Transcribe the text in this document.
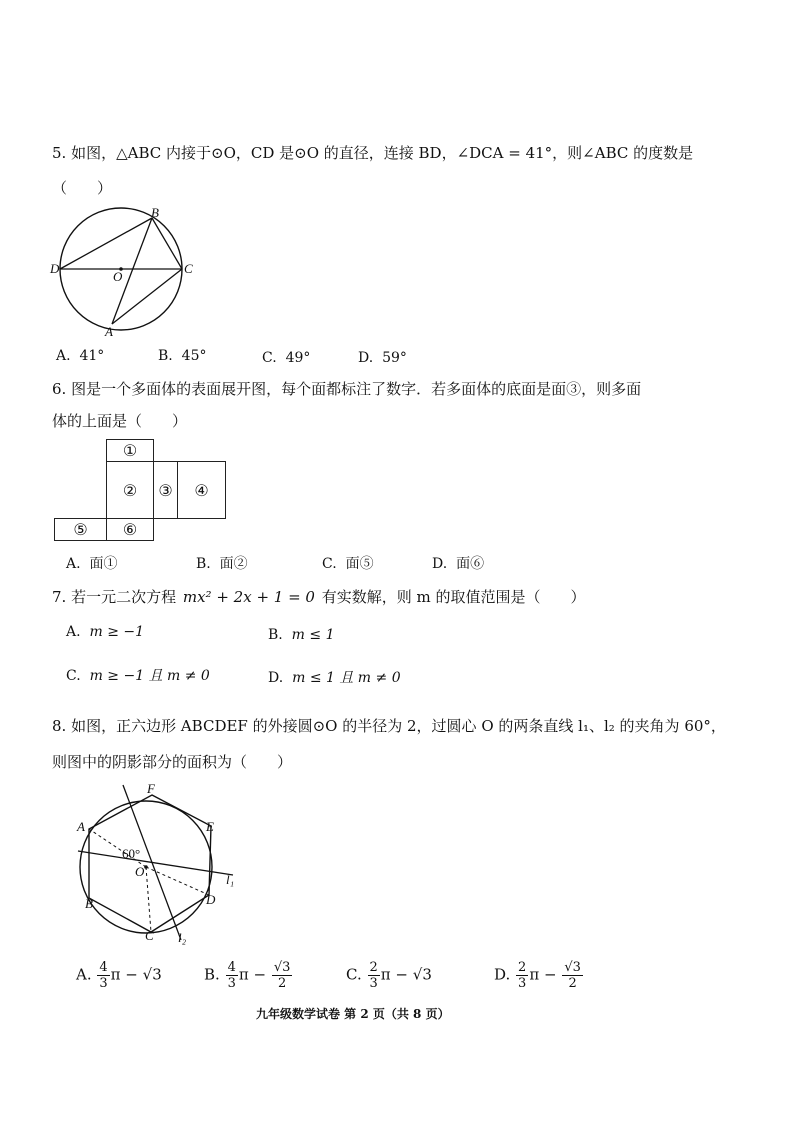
5. 如图，△ABC 内接于⊙O，CD 是⊙O 的直径，连接 BD，∠DCA = 41°，则∠ABC 的度数是
（　　）
B
D
O
C
A
A. 41°	B. 45°	C. 49°	D. 59°
6. 图是一个多面体的表面展开图，每个面都标注了数字．若多面体的底面是面③，则多面
体的上面是（　　）
①
②	③	④
⑤	⑥
A. 面①	B. 面②	C. 面⑤	D. 面⑥
7. 若一元二次方程 mx² + 2x + 1 = 0 有实数解，则 m 的取值范围是（　　）
A. m ≥ −1	B. m ≤ 1
C. m ≥ −1 且 m ≠ 0	D. m ≤ 1 且 m ≠ 0
8. 如图，正六边形 ABCDEF 的外接圆⊙O 的半径为 2，过圆心 O 的两条直线 l₁、l₂ 的夹角为 60°，
则图中的阴影部分的面积为（　　）
F
A	E
60°
O
l₁
D
B
C l₂
A. $\frac{4}{3}$ π − √3	B. $\frac{4}{3}$ $\pi - \frac{√3}{2}$	C. $\frac{2}{3}$ π − √3	D. $\frac{2}{3}$ $\pi - \frac{√3}{2}$
九年级数学试卷 第 2 页（共 8 页）
